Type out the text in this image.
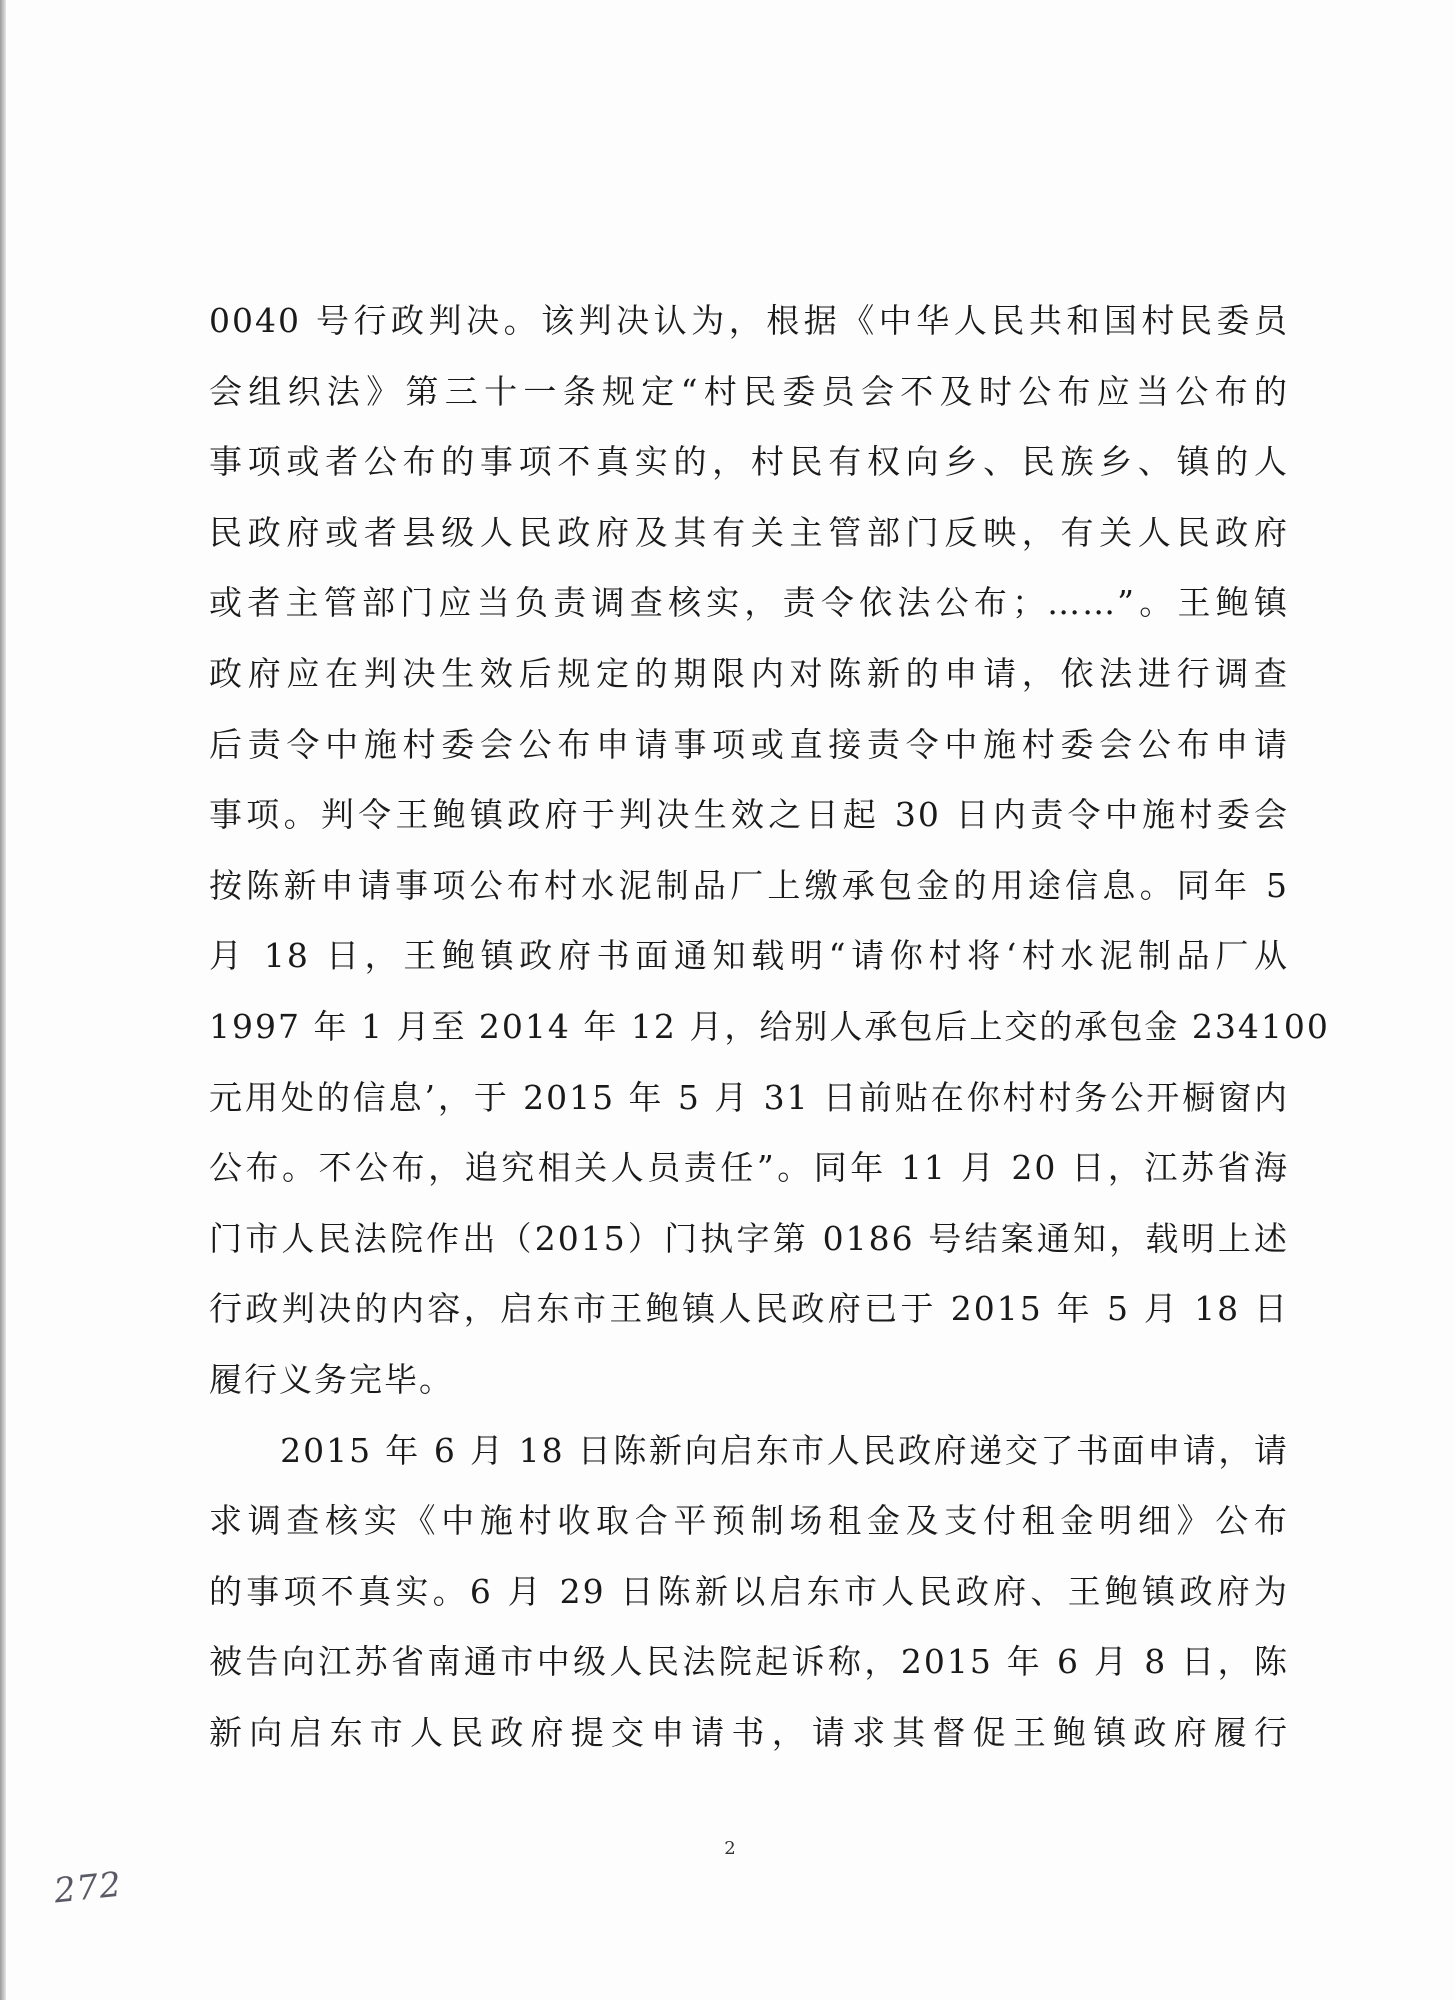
0040 号行政判决。该判决认为，根据《中华人民共和国村民委员
会组织法》第三十一条规定“村民委员会不及时公布应当公布的
事项或者公布的事项不真实的，村民有权向乡、民族乡、镇的人
民政府或者县级人民政府及其有关主管部门反映，有关人民政府
或者主管部门应当负责调查核实，责令依法公布；……”。王鲍镇
政府应在判决生效后规定的期限内对陈新的申请，依法进行调查
后责令中施村委会公布申请事项或直接责令中施村委会公布申请
事项。判令王鲍镇政府于判决生效之日起 30 日内责令中施村委会
按陈新申请事项公布村水泥制品厂上缴承包金的用途信息。同年 5
月 18 日，王鲍镇政府书面通知载明“请你村将‘村水泥制品厂从
1997 年 1 月至 2014 年 12 月，给别人承包后上交的承包金 234100
元用处的信息’，于 2015 年 5 月 31 日前贴在你村村务公开橱窗内
公布。不公布，追究相关人员责任”。同年 11 月 20 日，江苏省海
门市人民法院作出（2015）门执字第 0186 号结案通知，载明上述
行政判决的内容，启东市王鲍镇人民政府已于 2015 年 5 月 18 日
履行义务完毕。

　　2015 年 6 月 18 日陈新向启东市人民政府递交了书面申请，请
求调查核实《中施村收取合平预制场租金及支付租金明细》公布
的事项不真实。6 月 29 日陈新以启东市人民政府、王鲍镇政府为
被告向江苏省南通市中级人民法院起诉称，2015 年 6 月 8 日，陈
新向启东市人民政府提交申请书，请求其督促王鲍镇政府履行

2
272
